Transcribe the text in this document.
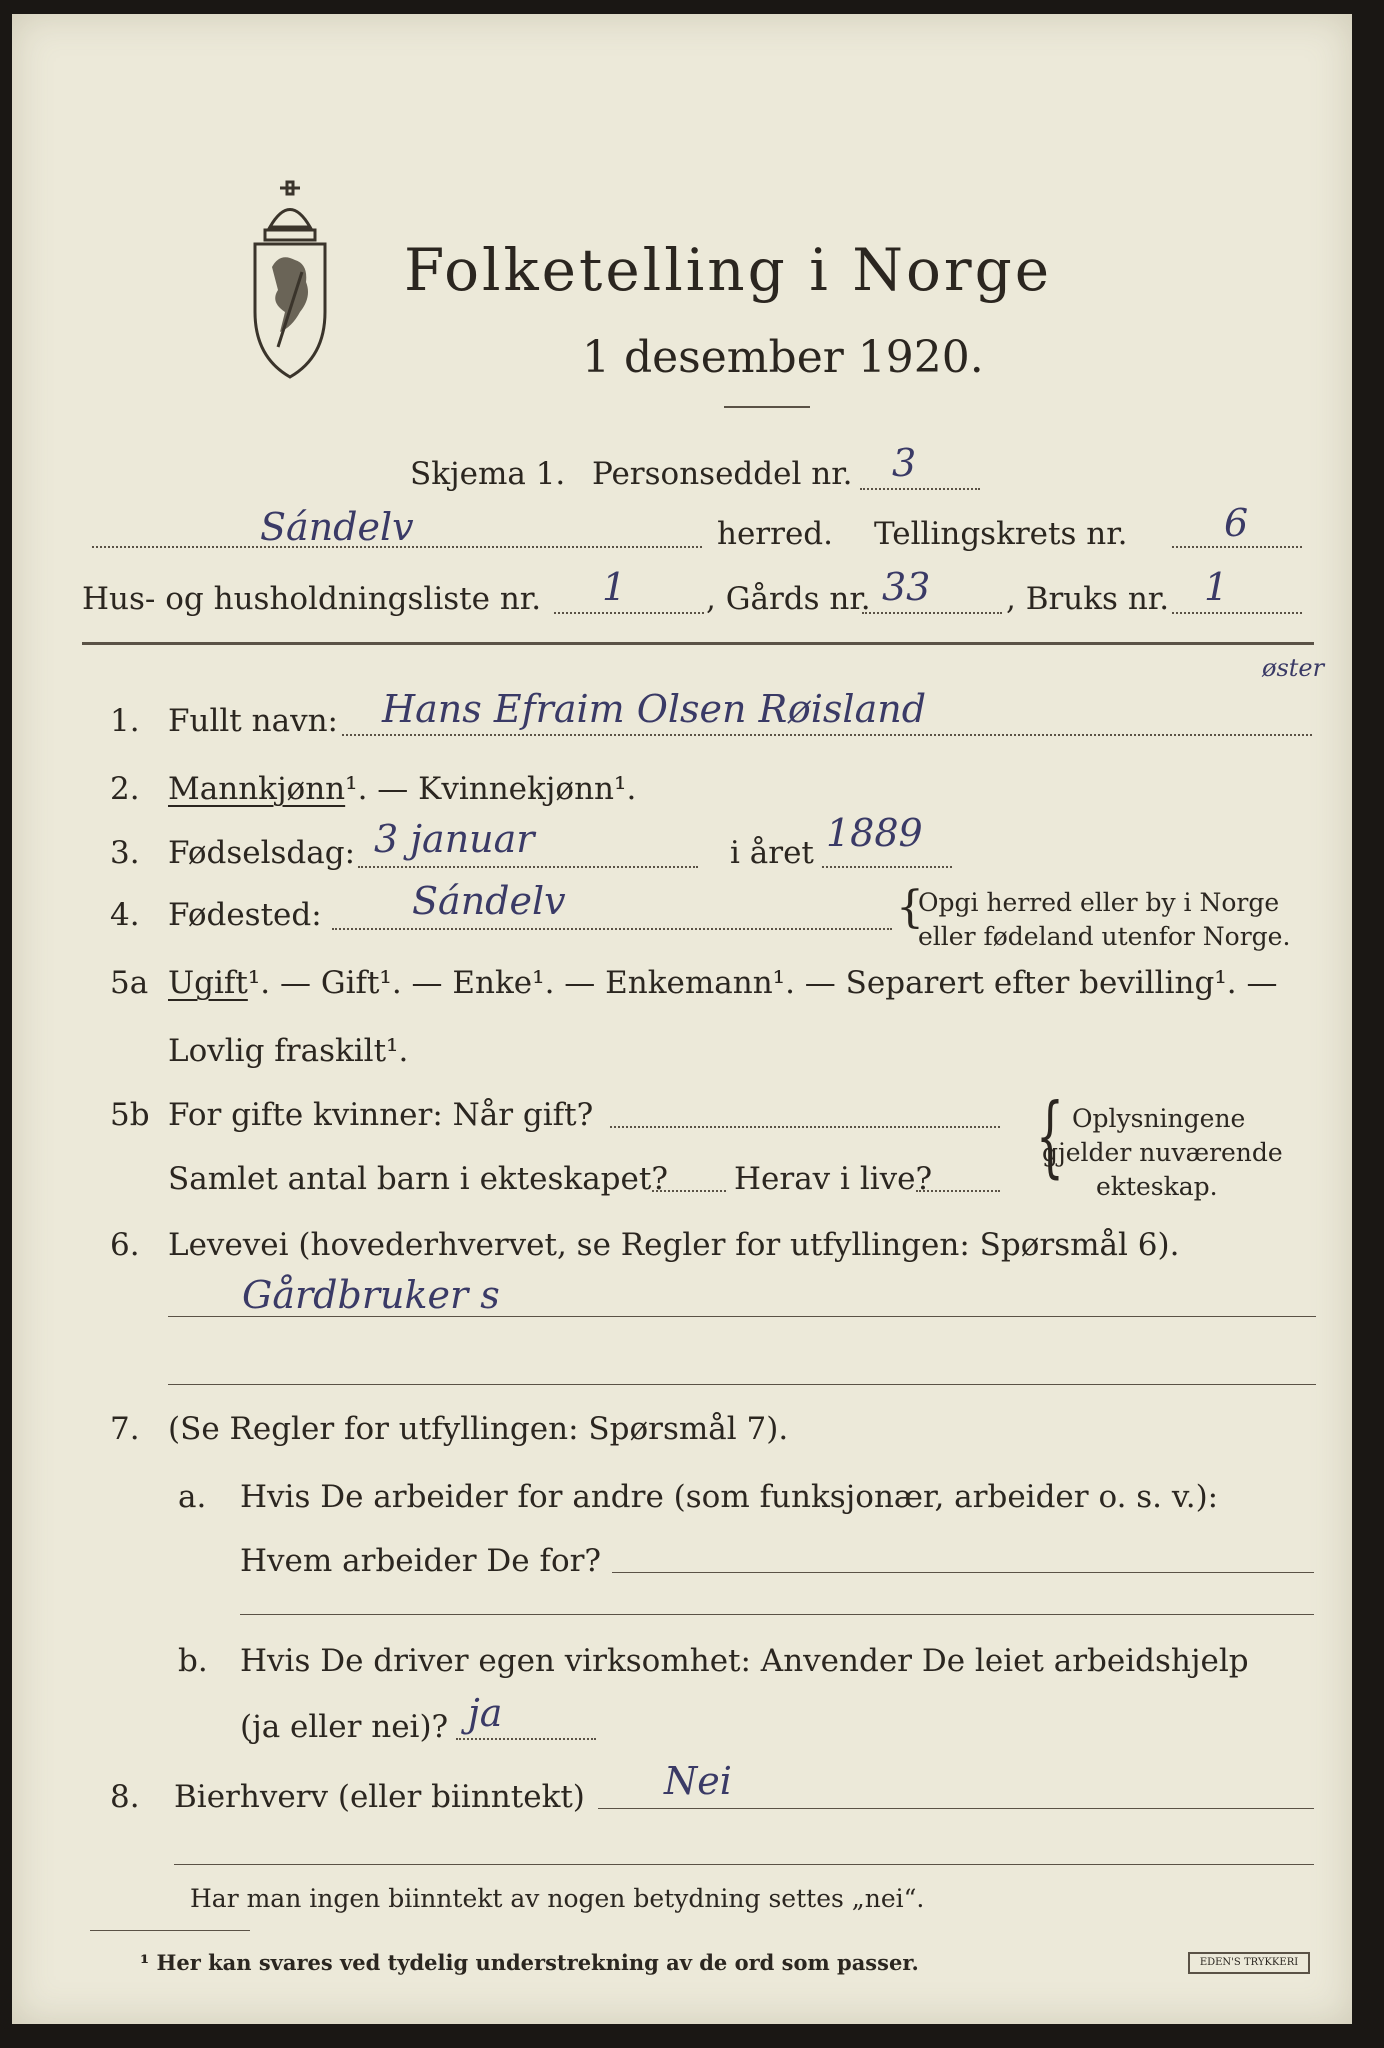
Folketelling i Norge
1 desember 1920.
Skjema 1. Personseddel nr. 3
Sándelv	herred. Tellingskrets nr.	6
Hus- og husholdningsliste nr. 1	, Gårds nr. 33 , Bruks nr. 1
1. Fullt navn: Hans Efraim Olsen Røisland
øster
2. Mannkjønn¹. — Kvinnekjønn¹.
3. Fødselsdag: 3 januar	i året 1889
4. Fødested: Sándelv	{
Opgi herred eller by i Norge
eller fødeland utenfor Norge.
5a Ugift¹. — Gift¹. — Enke¹. — Enkemann¹. — Separert efter bevilling¹. —
Lovlig fraskilt¹.
5b For gifte kvinner: Når gift?
Samlet antal barn i ekteskapet? Herav i live? { Oplysningene
gjelder nuværende
ekteskap.
6. Levevei (hovederhvervet, se Regler for utfyllingen: Spørsmål 6).
Gårdbruker s
7. (Se Regler for utfyllingen: Spørsmål 7).
a. Hvis De arbeider for andre (som funksjonær, arbeider o. s. v.):
Hvem arbeider De for?
b. Hvis De driver egen virksomhet: Anvender De leiet arbeidshjelp
(ja eller nei)? ja
8. Bierhverv (eller biinntekt) Nei
Har man ingen biinntekt av nogen betydning settes „nei“.
¹ Her kan svares ved tydelig understrekning av de ord som passer.	EDEN'S TRYKKERI
